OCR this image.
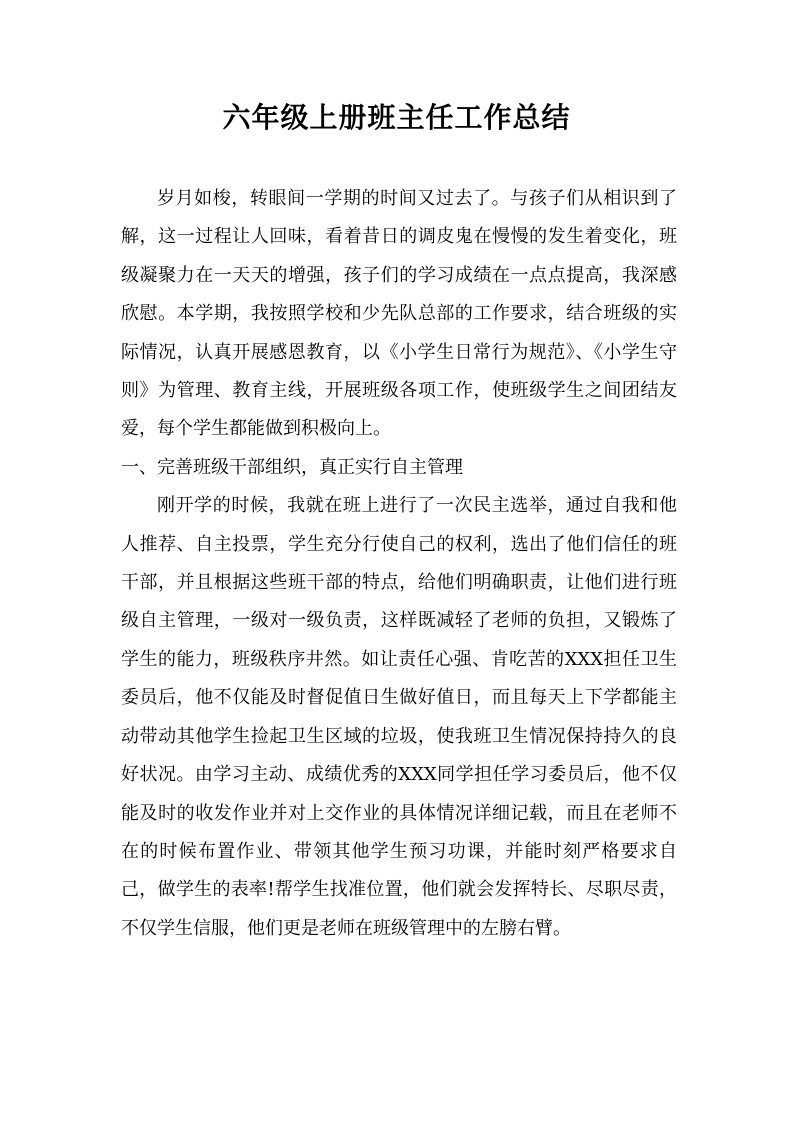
六年级上册班主任工作总结

岁月如梭，转眼间一学期的时间又过去了。与孩子们从相识到了解，这一过程让人回味，看着昔日的调皮鬼在慢慢的发生着变化，班级凝聚力在一天天的增强，孩子们的学习成绩在一点点提高，我深感欣慰。本学期，我按照学校和少先队总部的工作要求，结合班级的实际情况，认真开展感恩教育，以《小学生日常行为规范》、《小学生守则》为管理、教育主线，开展班级各项工作，使班级学生之间团结友爱，每个学生都能做到积极向上。

一、完善班级干部组织，真正实行自主管理

刚开学的时候，我就在班上进行了一次民主选举，通过自我和他人推荐、自主投票，学生充分行使自己的权利，选出了他们信任的班干部，并且根据这些班干部的特点，给他们明确职责，让他们进行班级自主管理，一级对一级负责，这样既减轻了老师的负担，又锻炼了学生的能力，班级秩序井然。如让责任心强、肯吃苦的XXX担任卫生委员后，他不仅能及时督促值日生做好值日，而且每天上下学都能主动带动其他学生捡起卫生区域的垃圾，使我班卫生情况保持持久的良好状况。由学习主动、成绩优秀的XXX同学担任学习委员后，他不仅能及时的收发作业并对上交作业的具体情况详细记载，而且在老师不在的时候布置作业、带领其他学生预习功课，并能时刻严格要求自己，做学生的表率!帮学生找准位置，他们就会发挥特长、尽职尽责，不仅学生信服，他们更是老师在班级管理中的左膀右臂。
